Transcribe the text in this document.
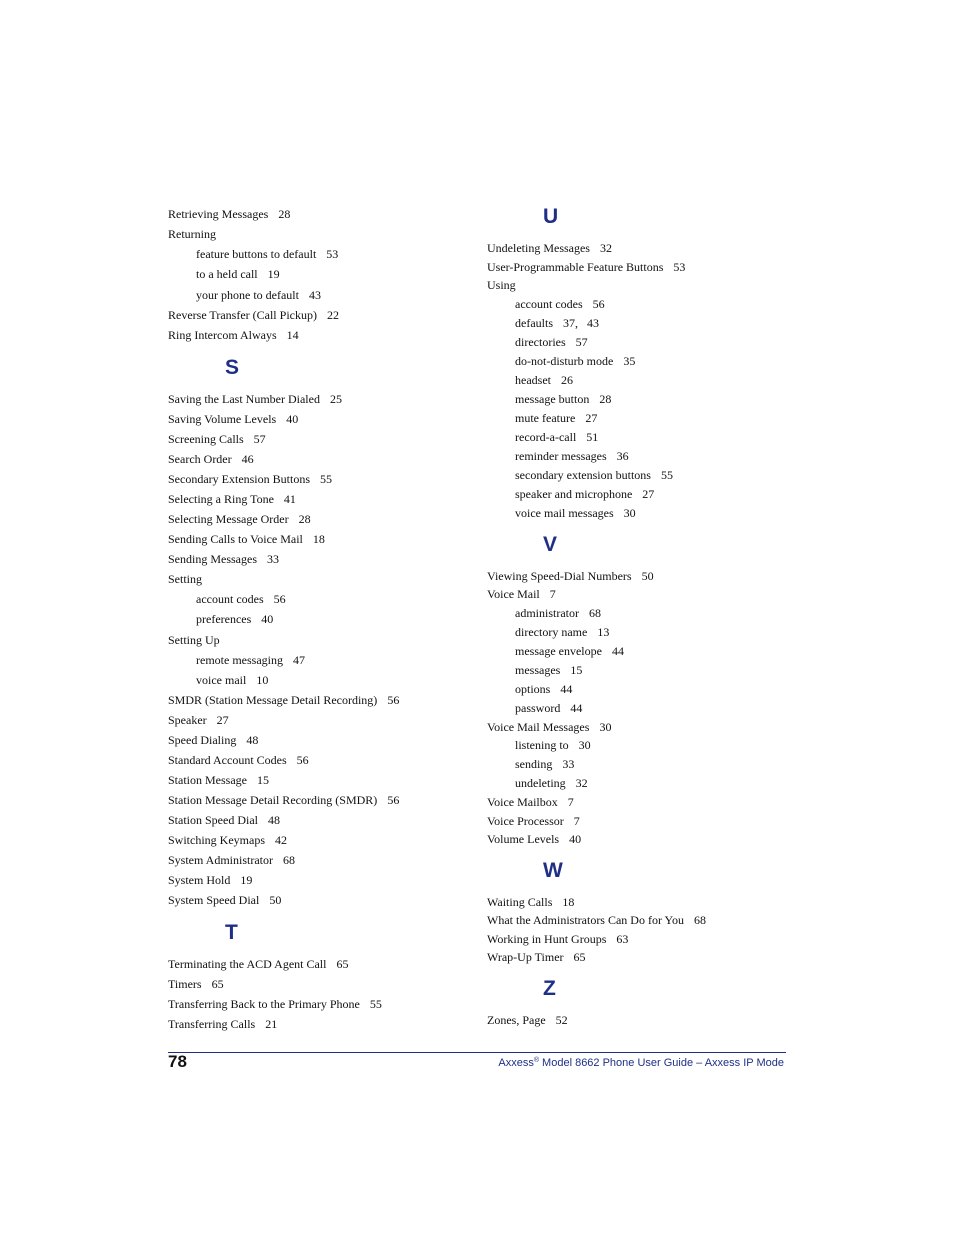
Retrieving Messages 28
Returning
feature buttons to default 53
to a held call 19
your phone to default 43
Reverse Transfer (Call Pickup) 22
Ring Intercom Always 14
S
Saving the Last Number Dialed 25
Saving Volume Levels 40
Screening Calls 57
Search Order 46
Secondary Extension Buttons 55
Selecting a Ring Tone 41
Selecting Message Order 28
Sending Calls to Voice Mail 18
Sending Messages 33
Setting
account codes 56
preferences 40
Setting Up
remote messaging 47
voice mail 10
SMDR (Station Message Detail Recording) 56
Speaker 27
Speed Dialing 48
Standard Account Codes 56
Station Message 15
Station Message Detail Recording (SMDR) 56
Station Speed Dial 48
Switching Keymaps 42
System Administrator 68
System Hold 19
System Speed Dial 50
T
Terminating the ACD Agent Call 65
Timers 65
Transferring Back to the Primary Phone 55
Transferring Calls 21
U
Undeleting Messages 32
User-Programmable Feature Buttons 53
Using
account codes 56
defaults 37,   43
directories 57
do-not-disturb mode 35
headset 26
message button 28
mute feature 27
record-a-call 51
reminder messages 36
secondary extension buttons 55
speaker and microphone 27
voice mail messages 30
V
Viewing Speed-Dial Numbers 50
Voice Mail 7
administrator 68
directory name 13
message envelope 44
messages 15
options 44
password 44
Voice Mail Messages 30
listening to 30
sending 33
undeleting 32
Voice Mailbox 7
Voice Processor 7
Volume Levels 40
W
Waiting Calls 18
What the Administrators Can Do for You 68
Working in Hunt Groups 63
Wrap-Up Timer 65
Z
Zones, Page 52
78	Axxess® Model 8662 Phone User Guide – Axxess IP Mode
